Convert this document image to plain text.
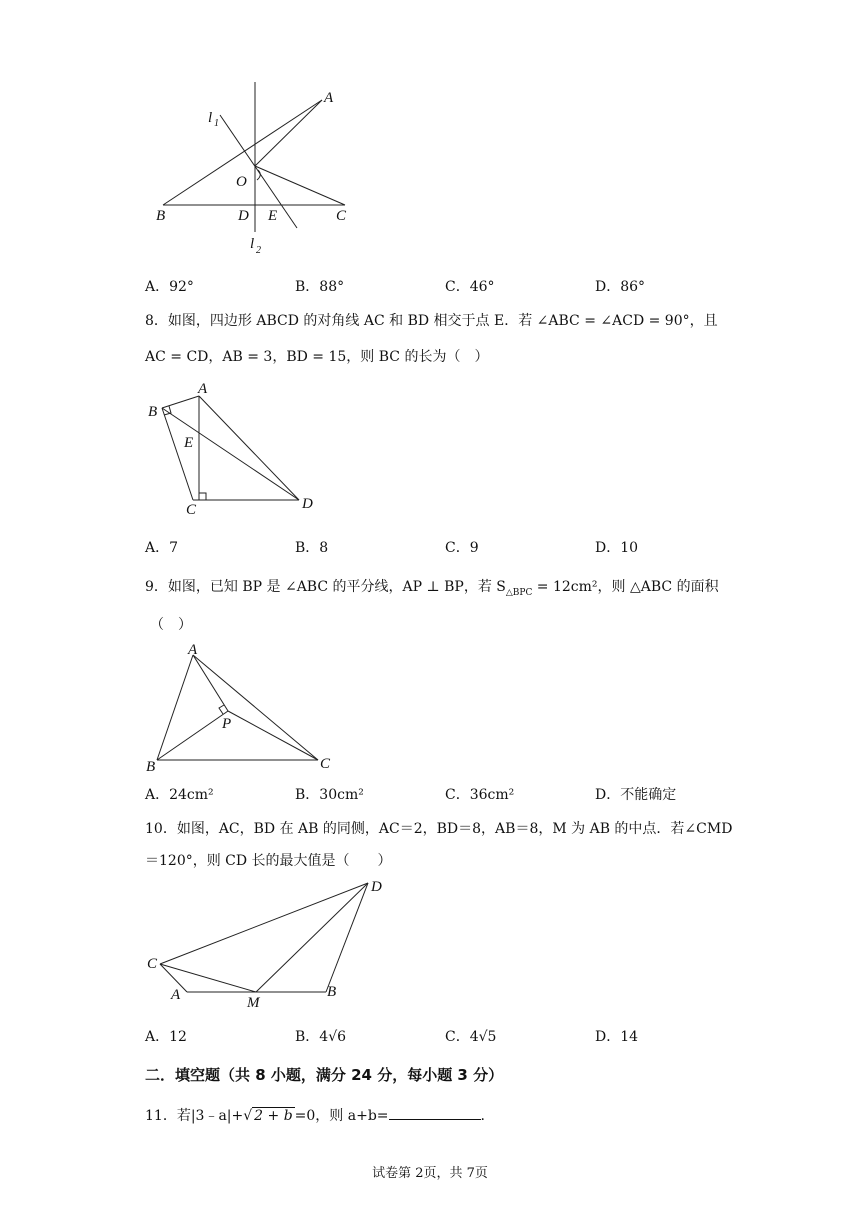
A
B	C
D E
O
l 1
l 2
A．92°	B．88°	C．46°	D．86°
8．如图，四边形 ABCD 的对角线 AC 和 BD 相交于点 E．若 ∠ABC = ∠ACD = 90°，且
AC = CD，AB = 3，BD = 15，则 BC 的长为（　）
A
B
C	D
E
A．7	B．8	C．9	D．10
9．如图，已知 BP 是 ∠ABC 的平分线，AP ⊥ BP，若 $S_{\triangle BPC} = 12cm^2$，则 △ABC 的面积
（　）
A
B	C
P
A．24cm²	B．30cm²	C．36cm²	D．不能确定
10．如图，AC，BD 在 AB 的同侧，AC＝2，BD＝8，AB＝8，M 为 AB 的中点．若∠CMD
＝120°，则 CD 长的最大值是（　　）
C
A	M
B
D
A．12	B．4√6	C．4√5	D．14
二．填空题（共 8 小题，满分 24 分，每小题 3 分）
11．若|3﹣a|+√ 2 + b =0，则 a+b=	.
试卷第 2页，共 7页
